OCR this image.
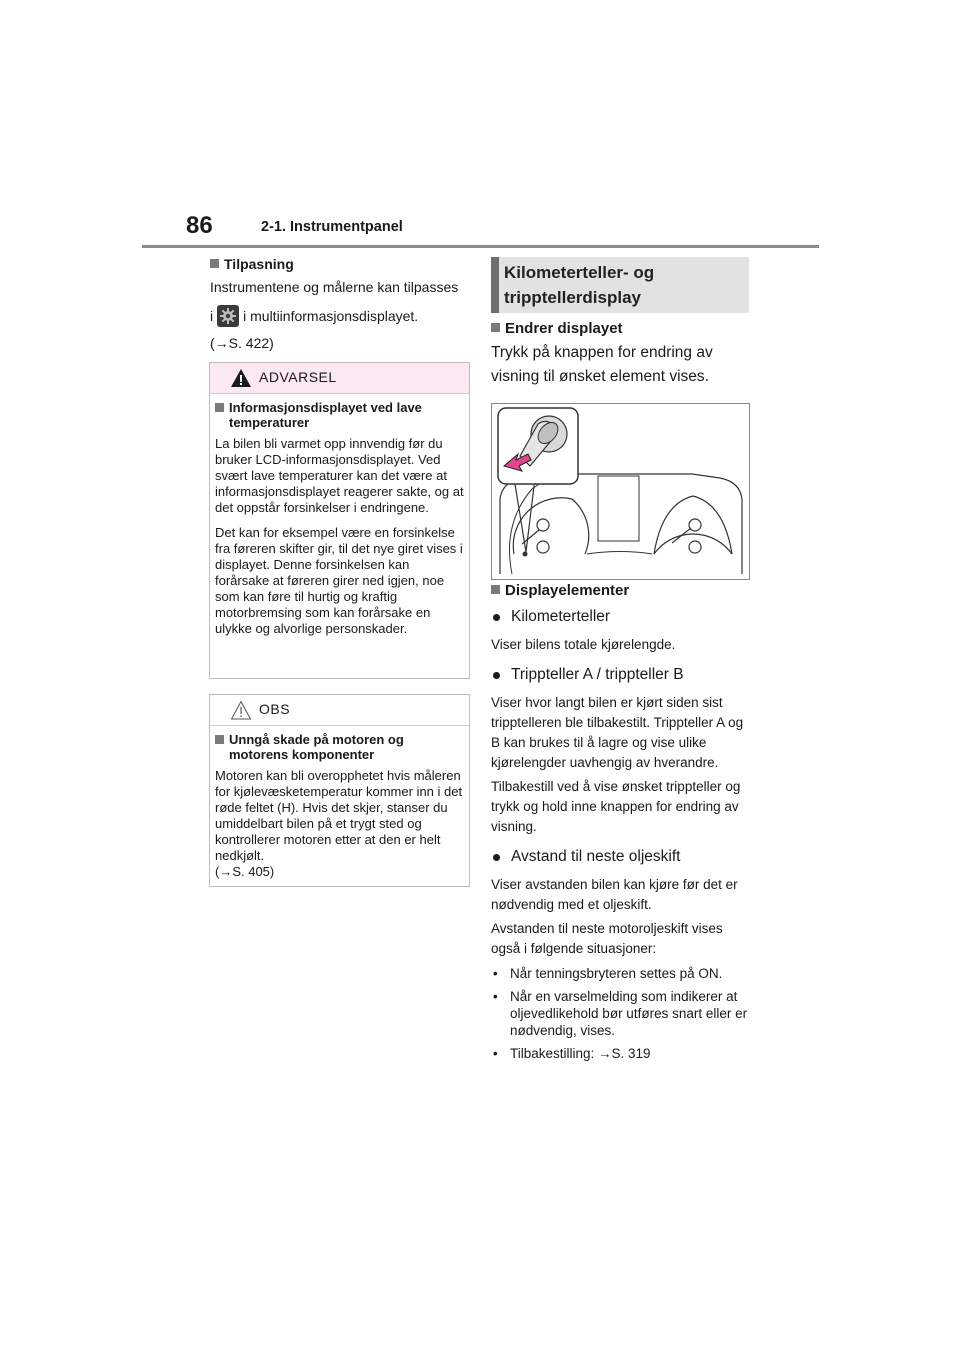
86	2-1. Instrumentpanel
Tilpasning

Instrumentene og målerne kan tilpasses

i i multiinformasjonsdisplayet.

(→S. 422)

ADVARSEL
Informasjonsdisplayet ved lave temperaturer

La bilen bli varmet opp innvendig før du bruker LCD-informasjonsdisplayet. Ved svært lave temperaturer kan det være at informasjonsdisplayet reagerer sakte, og at det oppstår forsinkelser i endringene.

Det kan for eksempel være en forsinkelse fra føreren skifter gir, til det nye giret vises i displayet. Denne forsinkelsen kan forårsake at føreren girer ned igjen, noe som kan føre til hurtig og kraftig motorbremsing som kan forårsake en ulykke og alvorlige personskader.

OBS
Unngå skade på motoren og motorens komponenter

Motoren kan bli overopphetet hvis måleren for kjølevæsketemperatur kommer inn i det røde feltet (H). Hvis det skjer, stanser du umiddelbart bilen på et trygt sted og kontrollerer motoren etter at den er helt nedkjølt.
(→S. 405)

Kilometerteller- og tripptellerdisplay
Endrer displayet

Trykk på knappen for endring av visning til ønsket element vises.

Displayelementer
Kilometerteller

Viser bilens totale kjørelengde.

Trippteller A / trippteller B

Viser hvor langt bilen er kjørt siden sist tripptelleren ble tilbakestilt. Trippteller A og B kan brukes til å lagre og vise ulike kjørelengder uavhengig av hverandre.

Tilbakestill ved å vise ønsket trippteller og trykk og hold inne knappen for endring av visning.

Avstand til neste oljeskift

Viser avstanden bilen kan kjøre før det er nødvendig med et oljeskift.

Avstanden til neste motoroljeskift vises også i følgende situasjoner:

• Når tenningsbryteren settes på ON.
• Når en varselmelding som indikerer at oljevedlikehold bør utføres snart eller er nødvendig, vises.
• Tilbakestilling: →S. 319
